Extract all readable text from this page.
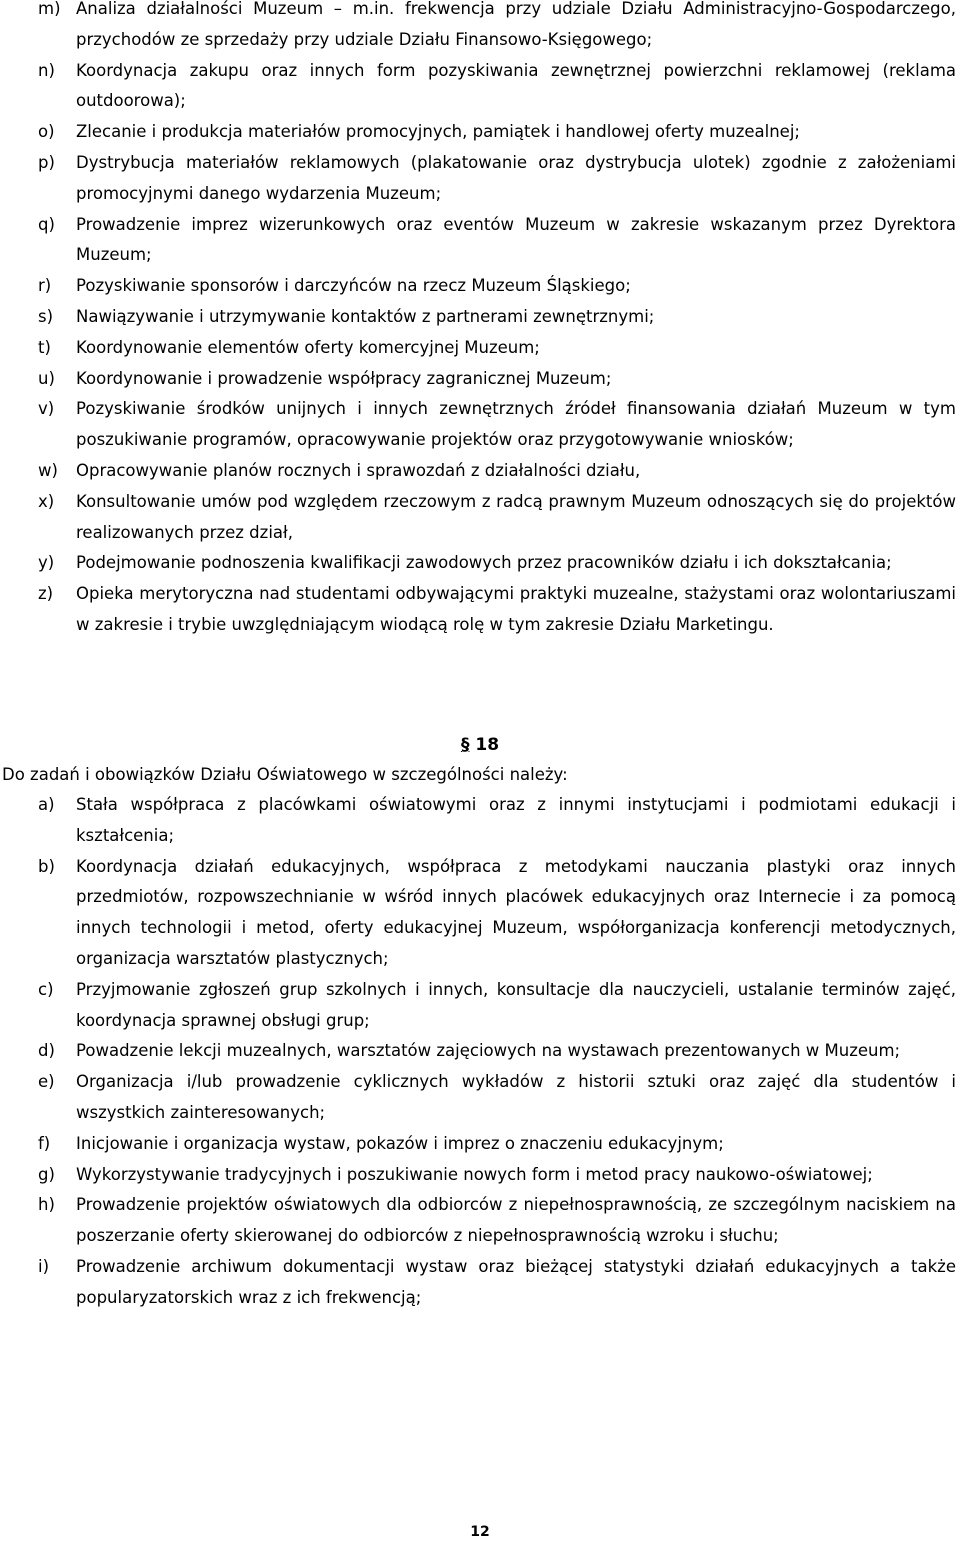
m) Analiza działalności Muzeum – m.in. frekwencja przy udziale Działu Administracyjno-Gospodarczego, przychodów ze sprzedaży przy udziale Działu Finansowo-Księgowego;
n)	Koordynacja zakupu oraz innych form pozyskiwania zewnętrznej powierzchni reklamowej (reklama outdoorowa);
o)	Zlecanie i produkcja materiałów promocyjnych, pamiątek i handlowej oferty muzealnej;
p)	Dystrybucja materiałów reklamowych (plakatowanie oraz dystrybucja ulotek) zgodnie z założeniami promocyjnymi danego wydarzenia Muzeum;
q)	Prowadzenie imprez wizerunkowych oraz eventów Muzeum w zakresie wskazanym przez Dyrektora Muzeum;
r)	Pozyskiwanie sponsorów i darczyńców na rzecz Muzeum Śląskiego;
s)	Nawiązywanie i utrzymywanie kontaktów z partnerami zewnętrznymi;
t)	Koordynowanie elementów oferty komercyjnej Muzeum;
u)	Koordynowanie i prowadzenie współpracy zagranicznej Muzeum;
v)	Pozyskiwanie środków unijnych i innych zewnętrznych źródeł finansowania działań Muzeum w tym poszukiwanie programów, opracowywanie projektów oraz przygotowywanie wniosków;
w)	Opracowywanie planów rocznych i sprawozdań z działalności działu,
x)	Konsultowanie umów pod względem rzeczowym z radcą prawnym Muzeum odnoszących się do projektów realizowanych przez dział,
y)	Podejmowanie podnoszenia kwalifikacji zawodowych przez pracowników działu i ich dokształcania;
z)	Opieka merytoryczna nad studentami odbywającymi praktyki muzealne, stażystami oraz wolontariuszami w zakresie i trybie uwzględniającym wiodącą rolę w tym zakresie Działu Marketingu.
§ 18
Do zadań i obowiązków Działu Oświatowego w szczególności należy:
a)	Stała współpraca z placówkami oświatowymi oraz z innymi instytucjami i podmiotami edukacji i kształcenia;
b)	Koordynacja działań edukacyjnych, współpraca z metodykami nauczania plastyki oraz innych przedmiotów, rozpowszechnianie w wśród innych placówek edukacyjnych oraz Internecie i za pomocą innych technologii i metod, oferty edukacyjnej Muzeum, współorganizacja konferencji metodycznych, organizacja warsztatów plastycznych;
c)	Przyjmowanie zgłoszeń grup szkolnych i innych, konsultacje dla nauczycieli, ustalanie terminów zajęć, koordynacja sprawnej obsługi grup;
d)	Powadzenie lekcji muzealnych, warsztatów zajęciowych na wystawach prezentowanych w Muzeum;
e)	Organizacja i/lub prowadzenie cyklicznych wykładów z historii sztuki oraz zajęć dla studentów i wszystkich zainteresowanych;
f)	Inicjowanie i organizacja wystaw, pokazów i imprez o znaczeniu edukacyjnym;
g)	Wykorzystywanie tradycyjnych i poszukiwanie nowych form i metod pracy naukowo-oświatowej;
h)	Prowadzenie projektów oświatowych dla odbiorców z niepełnosprawnością, ze szczególnym naciskiem na poszerzanie oferty skierowanej do odbiorców z niepełnosprawnością wzroku i słuchu;
i)	Prowadzenie archiwum dokumentacji wystaw oraz bieżącej statystyki działań edukacyjnych a także popularyzatorskich wraz z ich frekwencją;
12
